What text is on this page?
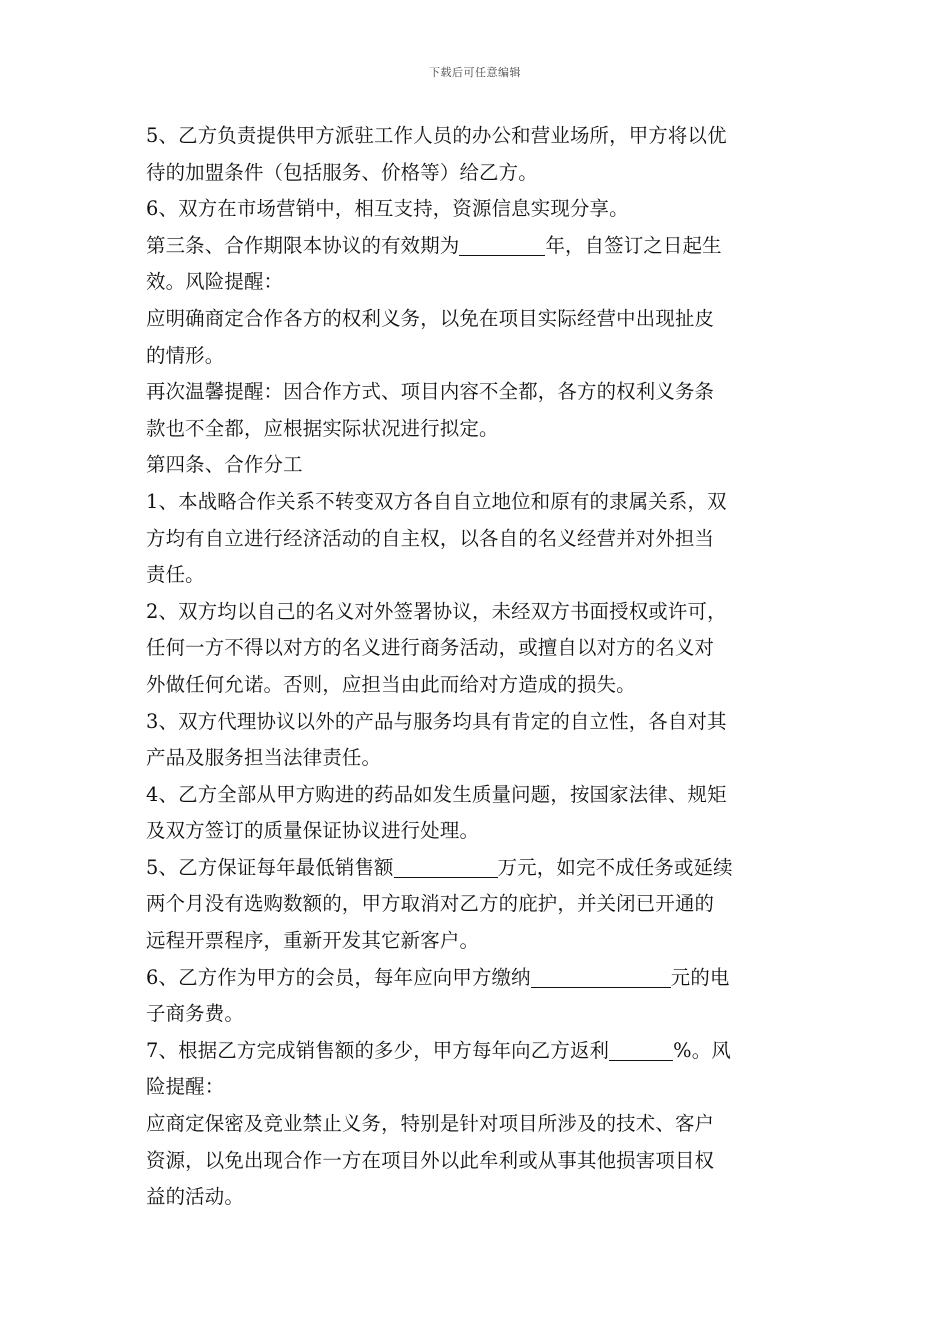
下载后可任意编辑
5、乙方负责提供甲方派驻工作人员的办公和营业场所，甲方将以优
待的加盟条件（包括服务、价格等）给乙方。
6、双方在市场营销中，相互支持，资源信息实现分享。
第三条、合作期限本协议的有效期为	年，自签订之日起生
效。风险提醒：
应明确商定合作各方的权利义务，以免在项目实际经营中出现扯皮
的情形。
再次温馨提醒：因合作方式、项目内容不全都，各方的权利义务条
款也不全都，应根据实际状况进行拟定。
第四条、合作分工
1、本战略合作关系不转变双方各自自立地位和原有的隶属关系，双
方均有自立进行经济活动的自主权，以各自的名义经营并对外担当
责任。
2、双方均以自己的名义对外签署协议，未经双方书面授权或许可，
任何一方不得以对方的名义进行商务活动，或擅自以对方的名义对
外做任何允诺。否则，应担当由此而给对方造成的损失。
3、双方代理协议以外的产品与服务均具有肯定的自立性，各自对其
产品及服务担当法律责任。
4、乙方全部从甲方购进的药品如发生质量问题，按国家法律、规矩
及双方签订的质量保证协议进行处理。
5、乙方保证每年最低销售额	万元，如完不成任务或延续
两个月没有选购数额的，甲方取消对乙方的庇护，并关闭已开通的
远程开票程序，重新开发其它新客户。
6、乙方作为甲方的会员，每年应向甲方缴纳	元的电
子商务费。
7、根据乙方完成销售额的多少，甲方每年向乙方返利	%。风
险提醒：
应商定保密及竞业禁止义务，特别是针对项目所涉及的技术、客户
资源，以免出现合作一方在项目外以此牟利或从事其他损害项目权
益的活动。
